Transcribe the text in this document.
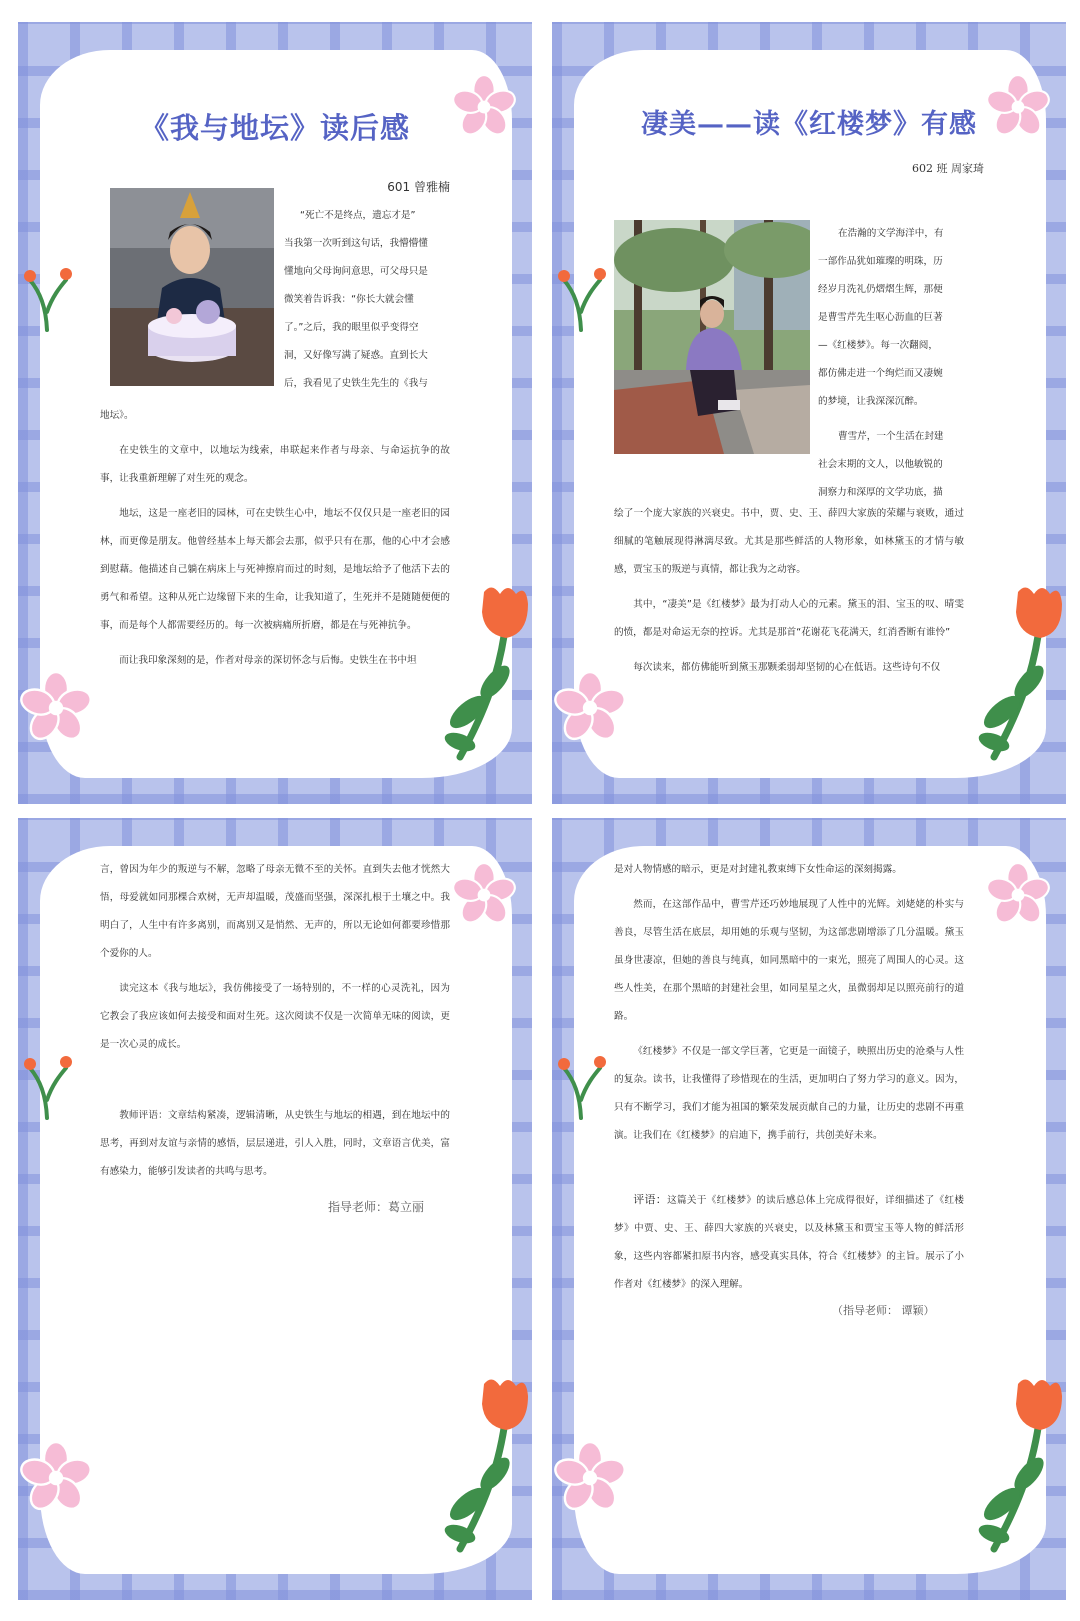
《我与地坛》读后感
601 曾雅楠
“死亡不是终点，遗忘才是”
当我第一次听到这句话，我懵懵懂
懂地向父母询问意思，可父母只是
微笑着告诉我：“你长大就会懂
了。”之后，我的眼里似乎变得空
洞，又好像写满了疑惑。直到长大
后，我看见了史铁生先生的《我与

地坛》。

在史铁生的文章中，以地坛为线索，串联起来作者与母亲、与命运抗争的故事，让我重新理解了对生死的观念。

地坛，这是一座老旧的园林，可在史铁生心中，地坛不仅仅只是一座老旧的园林，而更像是朋友。他曾经基本上每天都会去那，似乎只有在那，他的心中才会感到慰藉。他描述自己躺在病床上与死神擦肩而过的时刻，是地坛给予了他活下去的勇气和希望。这种从死亡边缘留下来的生命，让我知道了，生死并不是随随便便的事，而是每个人都需要经历的。每一次被病痛所折磨，都是在与死神抗争。

而让我印象深刻的是，作者对母亲的深切怀念与后悔。史铁生在书中坦

凄美——读《红楼梦》有感
602 班 周家琦
在浩瀚的文学海洋中，有
一部作品犹如璀璨的明珠，历
经岁月洗礼仍熠熠生辉，那便
是曹雪芹先生呕心沥血的巨著
—《红楼梦》。每一次翻阅，
都仿佛走进一个绚烂而又凄婉
的梦境，让我深深沉醉。
曹雪芹，一个生活在封建
社会末期的文人，以他敏锐的
洞察力和深厚的文学功底，描

绘了一个庞大家族的兴衰史。书中，贾、史、王、薛四大家族的荣耀与衰败，通过细腻的笔触展现得淋漓尽致。尤其是那些鲜活的人物形象，如林黛玉的才情与敏感，贾宝玉的叛逆与真情，都让我为之动容。

其中，“凄美”是《红楼梦》最为打动人心的元素。黛玉的泪、宝玉的叹、晴雯的愤，都是对命运无奈的控诉。尤其是那首“花谢花飞花满天，红消香断有谁怜”

每次读来，都仿佛能听到黛玉那颗柔弱却坚韧的心在低语。这些诗句不仅

言，曾因为年少的叛逆与不解，忽略了母亲无微不至的关怀。直到失去他才恍然大悟，母爱就如同那棵合欢树，无声却温暖，茂盛而坚强，深深扎根于土壤之中。我明白了，人生中有许多离别，而离别又是悄然、无声的，所以无论如何都要珍惜那个爱你的人。

读完这本《我与地坛》，我仿佛接受了一场特别的，不一样的心灵洗礼，因为它教会了我应该如何去接受和面对生死。这次阅读不仅是一次简单无味的阅读，更是一次心灵的成长。

教师评语：文章结构紧凑，逻辑清晰，从史铁生与地坛的相遇，到在地坛中的思考，再到对友谊与亲情的感悟，层层递进，引人入胜，同时，文章语言优美，富有感染力，能够引发读者的共鸣与思考。

指导老师：葛立丽

是对人物情感的暗示，更是对封建礼教束缚下女性命运的深刻揭露。

然而，在这部作品中，曹雪芹还巧妙地展现了人性中的光辉。刘姥姥的朴实与善良，尽管生活在底层，却用她的乐观与坚韧，为这部悲剧增添了几分温暖。黛玉虽身世凄凉，但她的善良与纯真，如同黑暗中的一束光，照亮了周围人的心灵。这些人性美，在那个黑暗的封建社会里，如同星星之火，虽微弱却足以照亮前行的道路。

《红楼梦》不仅是一部文学巨著，它更是一面镜子，映照出历史的沧桑与人性的复杂。读书，让我懂得了珍惜现在的生活，更加明白了努力学习的意义。因为，只有不断学习，我们才能为祖国的繁荣发展贡献自己的力量，让历史的悲剧不再重演。让我们在《红楼梦》的启迪下，携手前行，共创美好未来。

评语：这篇关于《红楼梦》的读后感总体上完成得很好，详细描述了《红楼梦》中贾、史、王、薛四大家族的兴衰史，以及林黛玉和贾宝玉等人物的鲜活形象，这些内容都紧扣原书内容，感受真实具体，符合《红楼梦》的主旨。展示了小作者对《红楼梦》的深入理解。

（指导老师： 谭颖）
